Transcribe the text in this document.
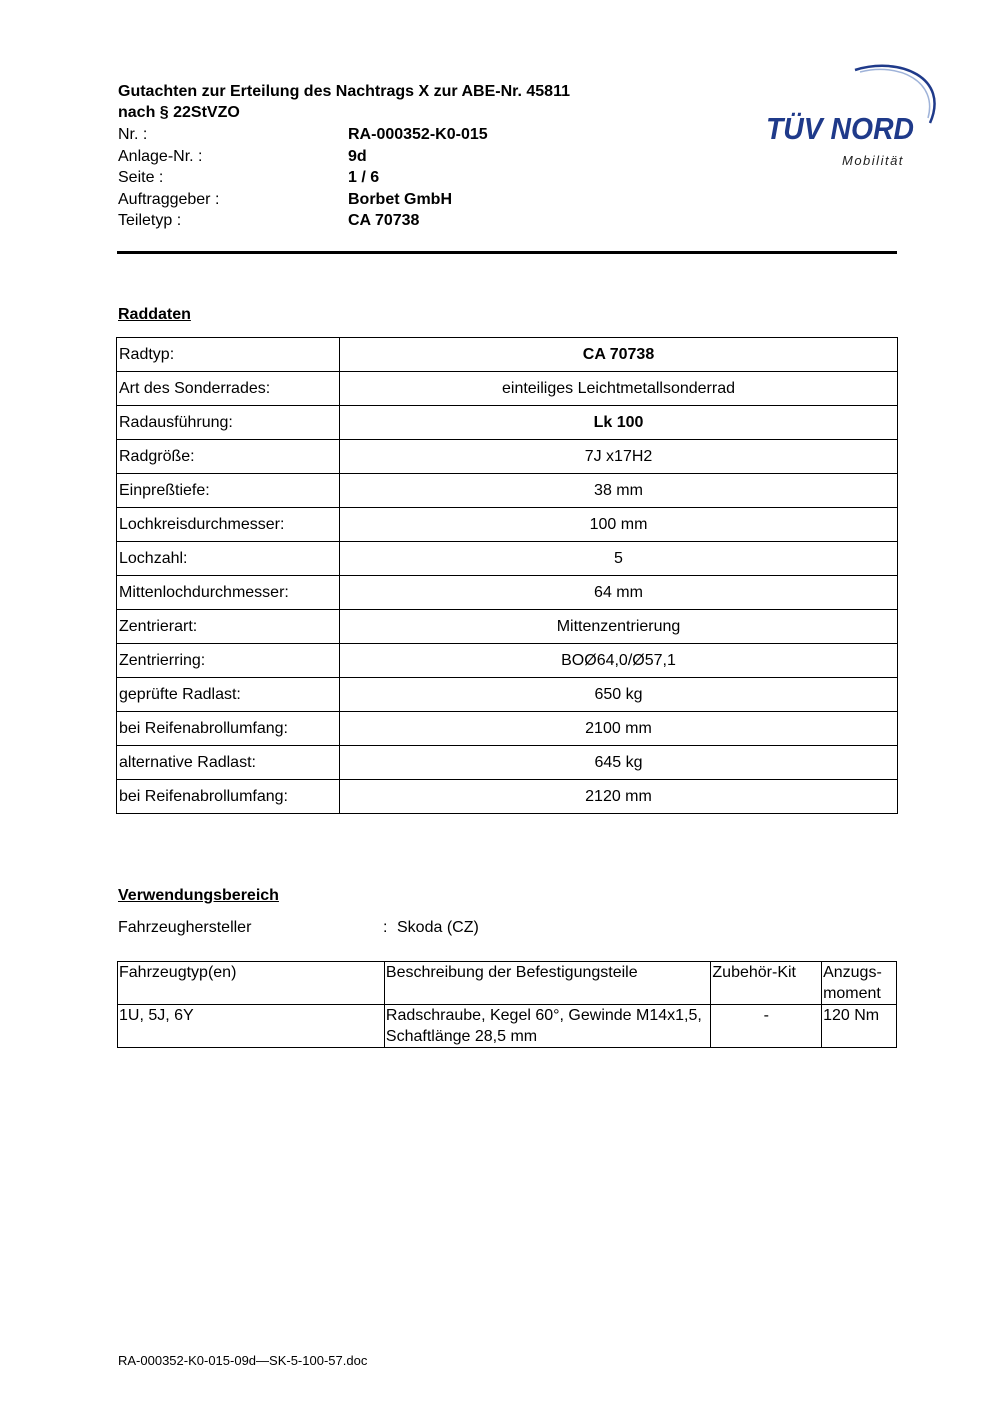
Gutachten zur Erteilung des Nachtrags X zur ABE-Nr. 45811 nach § 22StVZO
Nr. :	RA-000352-K0-015
Anlage-Nr. :	9d
Seite :	1 / 6
Auftraggeber :	Borbet GmbH
Teiletyp :	CA 70738
TÜV NORD
Mobilität
Raddaten
Radtyp:	CA 70738
Art des Sonderrades:	einteiliges Leichtmetallsonderrad
Radausführung:	Lk 100
Radgröße:	7J x17H2
Einpreßtiefe:	38 mm
Lochkreisdurchmesser:	100 mm
Lochzahl:	5
Mittenlochdurchmesser:	64 mm
Zentrierart:	Mittenzentrierung
Zentrierring:	BOØ64,0/Ø57,1
geprüfte Radlast:	650 kg
bei Reifenabrollumfang:	2100 mm
alternative Radlast:	645 kg
bei Reifenabrollumfang:	2120 mm
Verwendungsbereich
Fahrzeughersteller	: Skoda (CZ)
Fahrzeugtyp(en)	Beschreibung der Befestigungsteile	Zubehör-Kit	Anzugs-moment
1U, 5J, 6Y	Radschraube, Kegel 60°, Gewinde M14x1,5, Schaftlänge 28,5 mm	-	120 Nm
RA-000352-K0-015-09d—SK-5-100-57.doc
